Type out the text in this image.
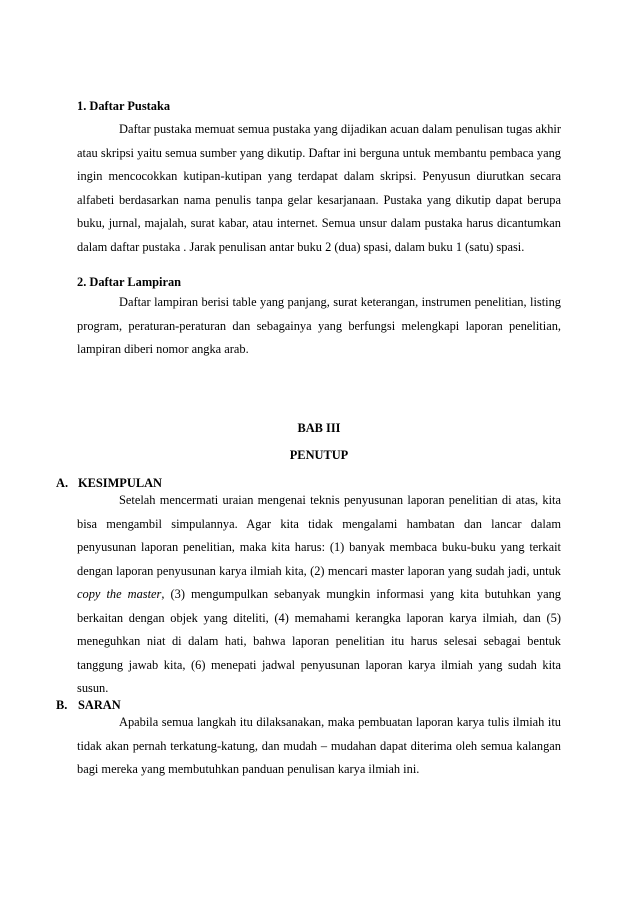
1. Daftar Pustaka

Daftar pustaka memuat semua pustaka yang dijadikan acuan dalam penulisan tugas akhir atau skripsi yaitu semua sumber yang dikutip. Daftar ini berguna untuk membantu pembaca yang ingin mencocokkan kutipan-kutipan yang terdapat dalam skripsi. Penyusun diurutkan secara alfabeti berdasarkan nama penulis tanpa gelar kesarjanaan. Pustaka yang dikutip dapat berupa buku, jurnal, majalah, surat kabar, atau internet. Semua unsur dalam pustaka harus dicantumkan dalam daftar pustaka . Jarak penulisan antar buku 2 (dua) spasi, dalam buku 1 (satu) spasi.

2. Daftar Lampiran

Daftar lampiran berisi table yang panjang, surat keterangan, instrumen penelitian, listing program, peraturan-peraturan dan sebagainya yang berfungsi melengkapi laporan penelitian, lampiran diberi nomor angka arab.

BAB III
PENUTUP
A. KESIMPULAN

Setelah mencermati uraian mengenai teknis penyusunan laporan penelitian di atas, kita bisa mengambil simpulannya. Agar kita tidak mengalami hambatan dan lancar dalam penyusunan laporan penelitian, maka kita harus: (1) banyak membaca buku-buku yang terkait dengan laporan penyusunan karya ilmiah kita, (2) mencari master laporan yang sudah jadi, untuk copy the master, (3) mengumpulkan sebanyak mungkin informasi yang kita butuhkan yang berkaitan dengan objek yang diteliti, (4) memahami kerangka laporan karya ilmiah, dan (5) meneguhkan niat di dalam hati, bahwa laporan penelitian itu harus selesai sebagai bentuk tanggung jawab kita, (6) menepati jadwal penyusunan laporan karya ilmiah yang sudah kita susun.

B. SARAN

Apabila semua langkah itu dilaksanakan, maka pembuatan laporan karya tulis ilmiah itu tidak akan pernah terkatung-katung, dan mudah – mudahan dapat diterima oleh semua kalangan bagi mereka yang membutuhkan panduan penulisan karya ilmiah ini.
